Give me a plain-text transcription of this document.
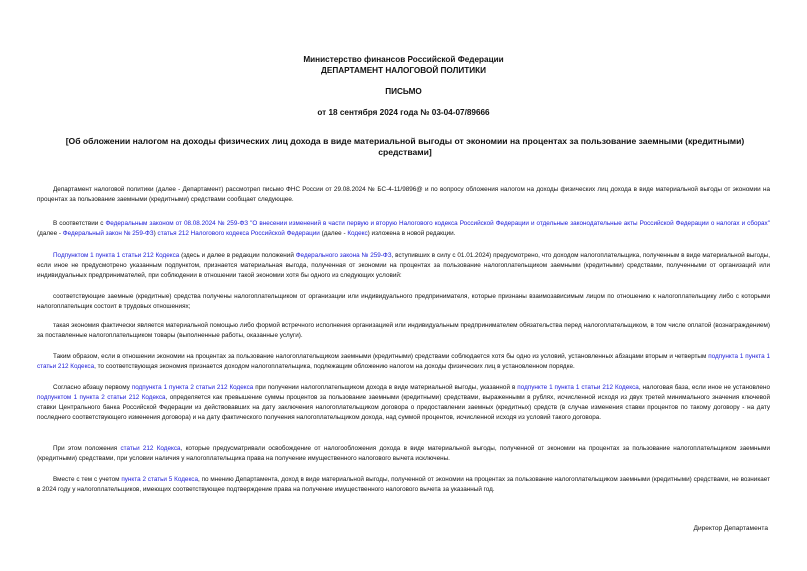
Министерство финансов Российской Федерации
ДЕПАРТАМЕНТ НАЛОГОВОЙ ПОЛИТИКИ
ПИСЬМО
от 18 сентября 2024 года № 03-04-07/89666
[Об обложении налогом на доходы физических лиц дохода в виде материальной выгоды от экономии на процентах за пользование заемными (кредитными) средствами]
Департамент налоговой политики (далее - Департамент) рассмотрел письмо ФНС России от 29.08.2024 № БС-4-11/9896@ и по вопросу обложения налогом на доходы физических лиц дохода в виде материальной выгоды от экономии на процентах за пользование заемными (кредитными) средствами сообщает следующее.
В соответствии с Федеральным законом от 08.08.2024 № 259-ФЗ "О внесении изменений в части первую и вторую Налогового кодекса Российской Федерации и отдельные законодательные акты Российской Федерации о налогах и сборах" (далее - Федеральный закон № 259-ФЗ) статья 212 Налогового кодекса Российской Федерации (далее - Кодекс) изложена в новой редакции.
Подпунктом 1 пункта 1 статьи 212 Кодекса (здесь и далее в редакции положений Федерального закона № 259-ФЗ, вступивших в силу с 01.01.2024) предусмотрено, что доходом налогоплательщика, полученным в виде материальной выгоды, если иное не предусмотрено указанным подпунктом, признается материальная выгода, полученная от экономии на процентах за пользование налогоплательщиком заемными (кредитными) средствами, полученными от организаций или индивидуальных предпринимателей, при соблюдении в отношении такой экономии хотя бы одного из следующих условий:
соответствующие заемные (кредитные) средства получены налогоплательщиком от организации или индивидуального предпринимателя, которые признаны взаимозависимым лицом по отношению к налогоплательщику либо с которыми налогоплательщик состоит в трудовых отношениях;
такая экономия фактически является материальной помощью либо формой встречного исполнения организацией или индивидуальным предпринимателем обязательства перед налогоплательщиком, в том числе оплатой (вознаграждением) за поставленные налогоплательщиком товары (выполненные работы, оказанные услуги).
Таким образом, если в отношении экономии на процентах за пользование налогоплательщиком заемными (кредитными) средствами соблюдается хотя бы одно из условий, установленных абзацами вторым и четвертым подпункта 1 пункта 1 статьи 212 Кодекса, то соответствующая экономия признается доходом налогоплательщика, подлежащим обложению налогом на доходы физических лиц в установленном порядке.
Согласно абзацу первому подпункта 1 пункта 2 статьи 212 Кодекса при получении налогоплательщиком дохода в виде материальной выгоды, указанной в подпункте 1 пункта 1 статьи 212 Кодекса, налоговая база, если иное не установлено подпунктом 1 пункта 2 статьи 212 Кодекса, определяется как превышение суммы процентов за пользование заемными (кредитными) средствами, выраженными в рублях, исчисленной исходя из двух третей минимального значения ключевой ставки Центрального банка Российской Федерации из действовавших на дату заключения налогоплательщиком договора о предоставлении заемных (кредитных) средств (в случае изменения ставки процентов по такому договору - на дату последнего соответствующего изменения договора) и на дату фактического получения налогоплательщиком дохода, над суммой процентов, исчисленной исходя из условий такого договора.
При этом положения статьи 212 Кодекса, которые предусматривали освобождение от налогообложения дохода в виде материальной выгоды, полученной от экономии на процентах за пользование налогоплательщиком заемными (кредитными) средствами, при условии наличия у налогоплательщика права на получение имущественного налогового вычета исключены.
Вместе с тем с учетом пункта 2 статьи 5 Кодекса, по мнению Департамента, доход в виде материальной выгоды, полученной от экономии на процентах за пользование налогоплательщиком заемными (кредитными) средствами, не возникает в 2024 году у налогоплательщиков, имеющих соответствующее подтверждение права на получение имущественного налогового вычета за указанный год.
Директор Департамента
